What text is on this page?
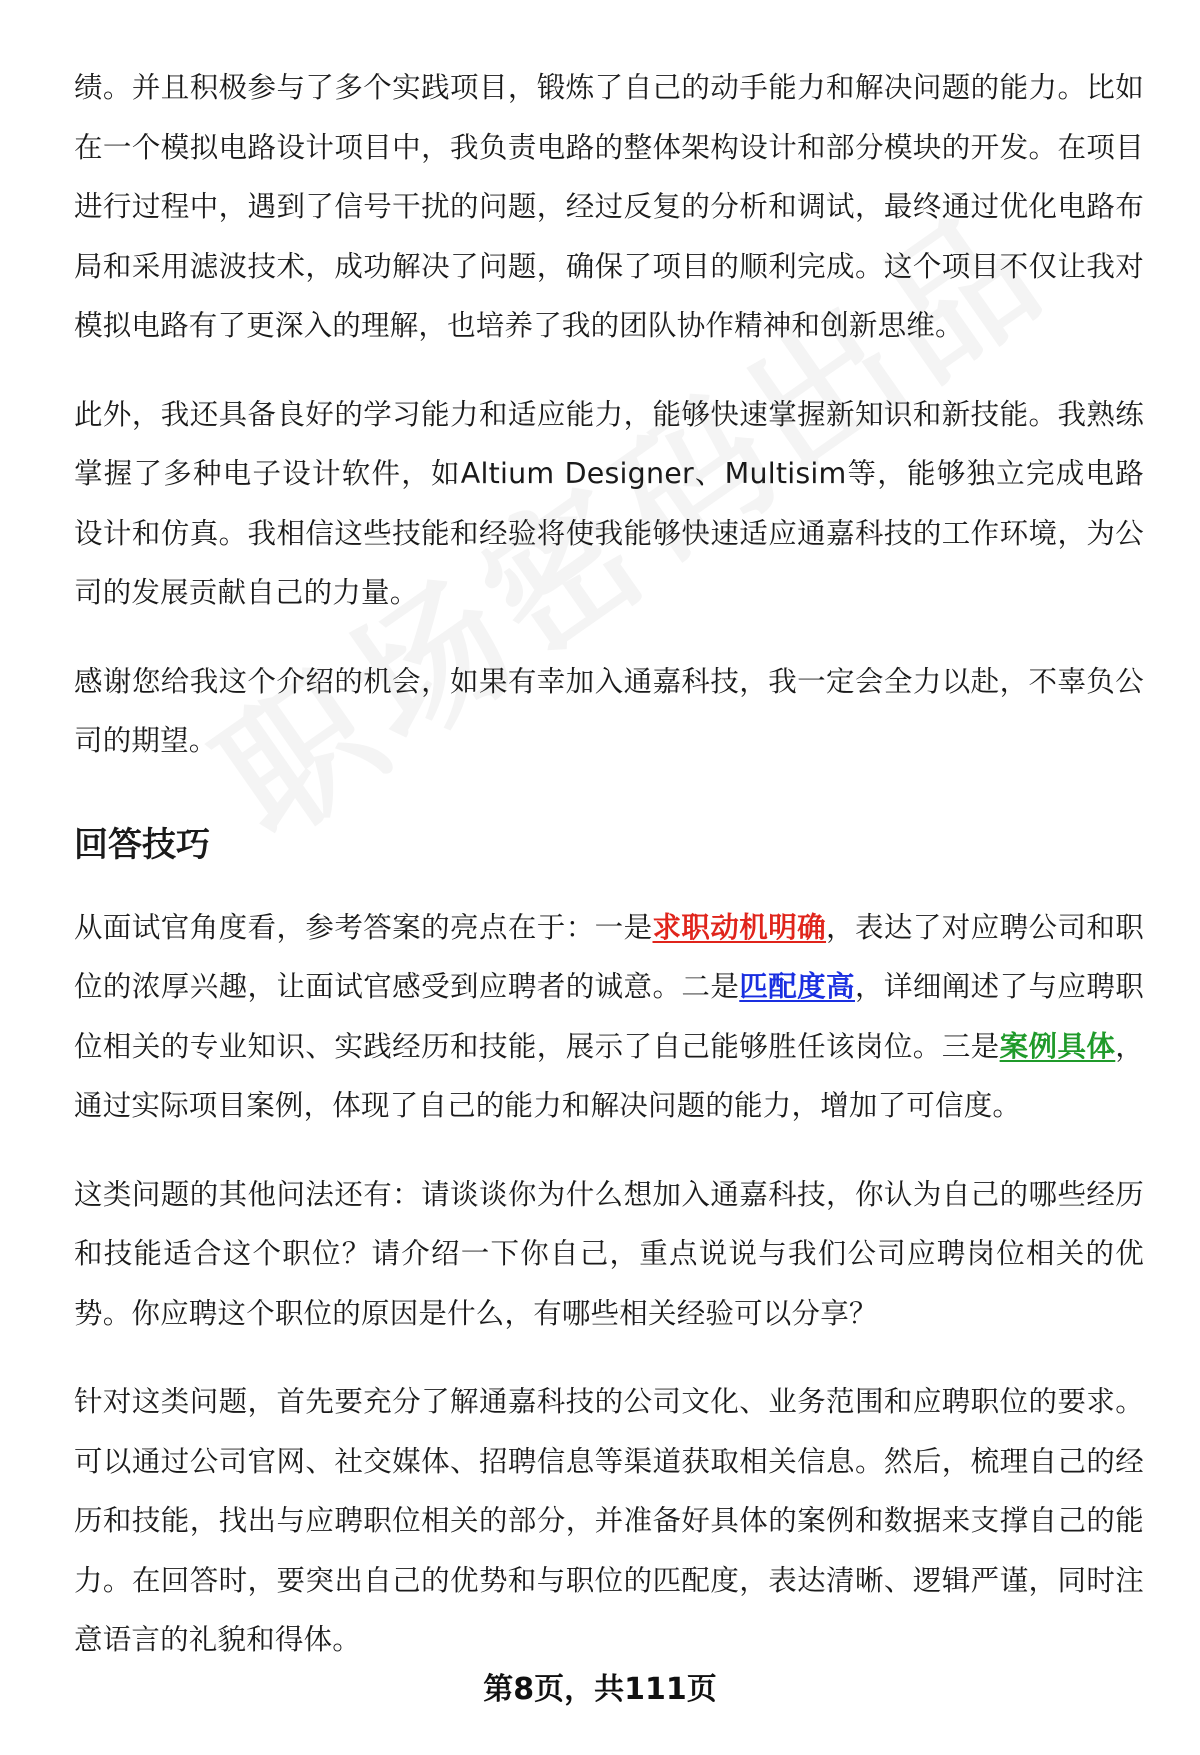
绩。并且积极参与了多个实践项目，锻炼了自己的动手能力和解决问题的能力。比如在一个模拟电路设计项目中，我负责电路的整体架构设计和部分模块的开发。在项目进行过程中，遇到了信号干扰的问题，经过反复的分析和调试，最终通过优化电路布局和采用滤波技术，成功解决了问题，确保了项目的顺利完成。这个项目不仅让我对模拟电路有了更深入的理解，也培养了我的团队协作精神和创新思维。

此外，我还具备良好的学习能力和适应能力，能够快速掌握新知识和新技能。我熟练掌握了多种电子设计软件，如Altium Designer、Multisim等，能够独立完成电路设计和仿真。我相信这些技能和经验将使我能够快速适应通嘉科技的工作环境，为公司的发展贡献自己的力量。

感谢您给我这个介绍的机会，如果有幸加入通嘉科技，我一定会全力以赴，不辜负公司的期望。

回答技巧

从面试官角度看，参考答案的亮点在于：一是求职动机明确，表达了对应聘公司和职位的浓厚兴趣，让面试官感受到应聘者的诚意。二是匹配度高，详细阐述了与应聘职位相关的专业知识、实践经历和技能，展示了自己能够胜任该岗位。三是案例具体，通过实际项目案例，体现了自己的能力和解决问题的能力，增加了可信度。

这类问题的其他问法还有：请谈谈你为什么想加入通嘉科技，你认为自己的哪些经历和技能适合这个职位？请介绍一下你自己，重点说说与我们公司应聘岗位相关的优势。你应聘这个职位的原因是什么，有哪些相关经验可以分享？

针对这类问题，首先要充分了解通嘉科技的公司文化、业务范围和应聘职位的要求。可以通过公司官网、社交媒体、招聘信息等渠道获取相关信息。然后，梳理自己的经历和技能，找出与应聘职位相关的部分，并准备好具体的案例和数据来支撑自己的能力。在回答时，要突出自己的优势和与职位的匹配度，表达清晰、逻辑严谨，同时注意语言的礼貌和得体。

第8页，共111页
